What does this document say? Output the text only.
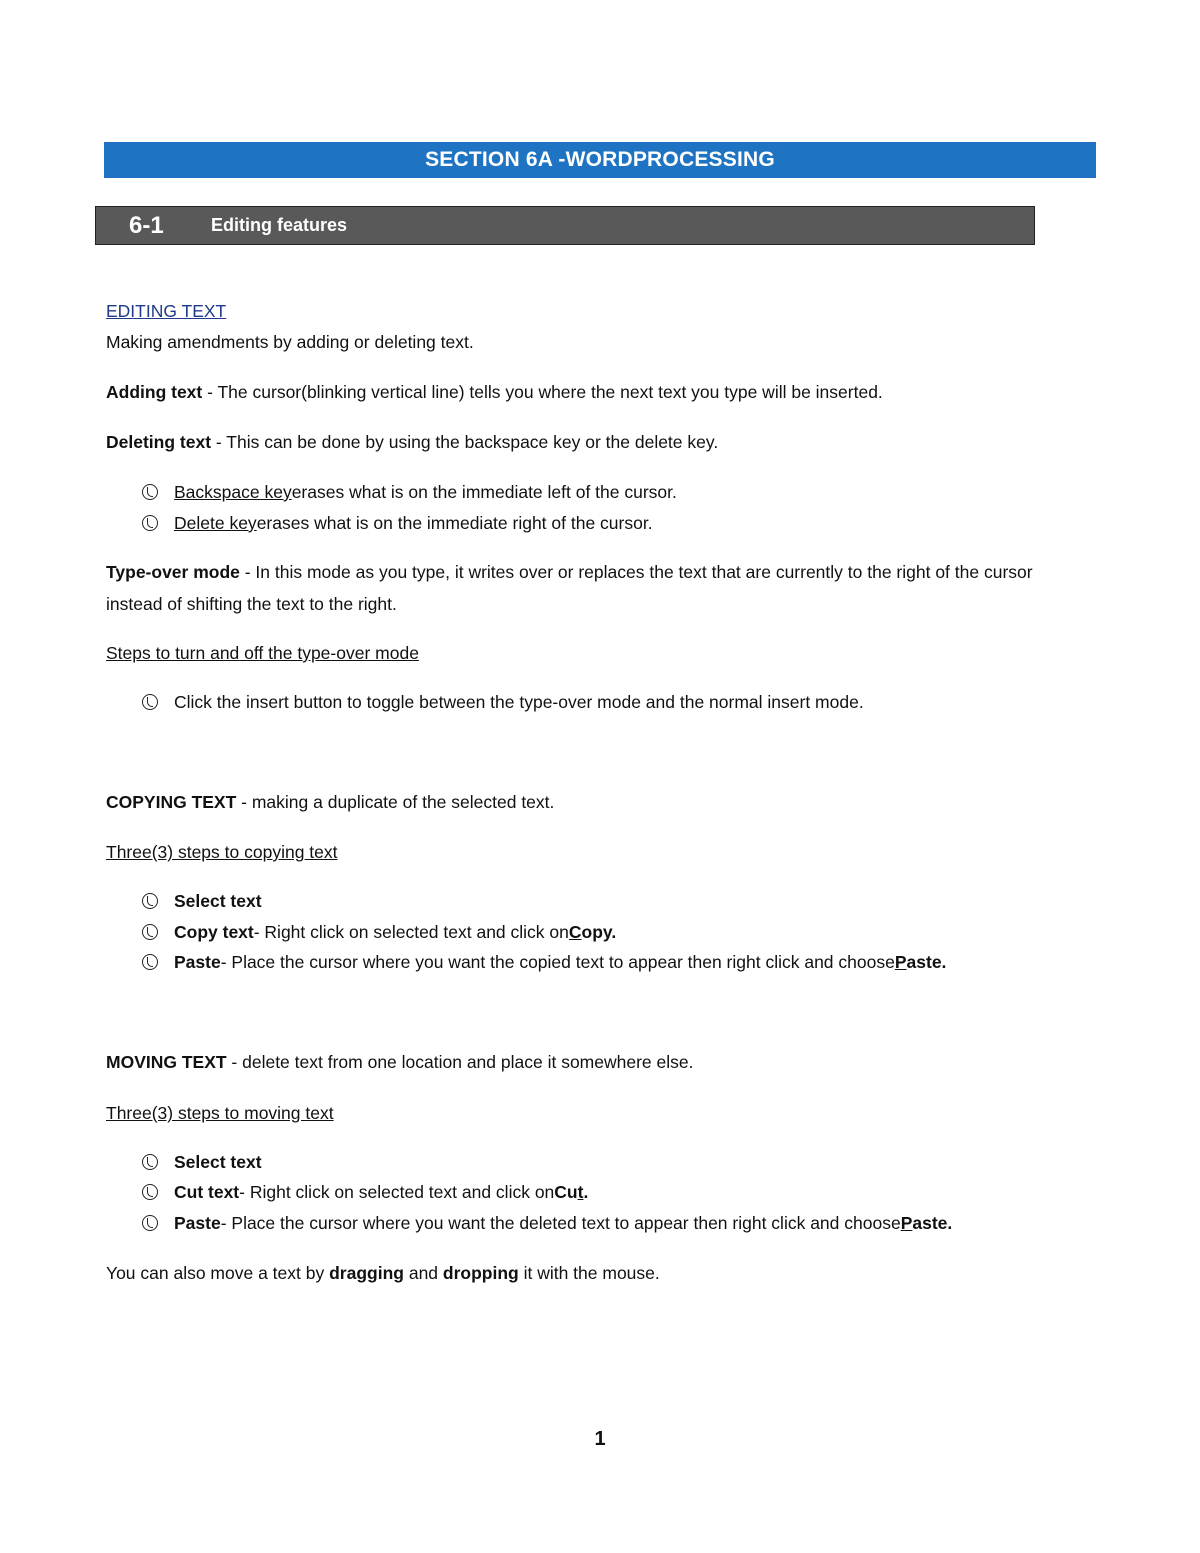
SECTION 6A -WORDPROCESSING
6-1	Editing features
EDITING TEXT
Making amendments by adding or deleting text.
Adding text - The cursor(blinking vertical line) tells you where the next text you type will be inserted.
Deleting text - This can be done by using the backspace key or the delete key.
Backspace key erases what is on the immediate left of the cursor.
Delete key erases what is on the immediate right of the cursor.
Type-over mode - In this mode as you type, it writes over or replaces the text that are currently to the right of the cursor instead of shifting the text to the right.
Steps to turn and off the type-over mode
Click the insert button to toggle between the type-over mode and the normal insert mode.
COPYING TEXT - making a duplicate of the selected text.
Three(3) steps to copying text
Select text
Copy text - Right click on selected text and click on Copy.
Paste - Place the cursor where you want the copied text to appear then right click and choose Paste.
MOVING TEXT - delete text from one location and place it somewhere else.
Three(3) steps to moving text
Select text
Cut text - Right click on selected text and click on Cut.
Paste - Place the cursor where you want the deleted text to appear then right click and choose Paste.
You can also move a text by dragging and dropping it with the mouse.
1
